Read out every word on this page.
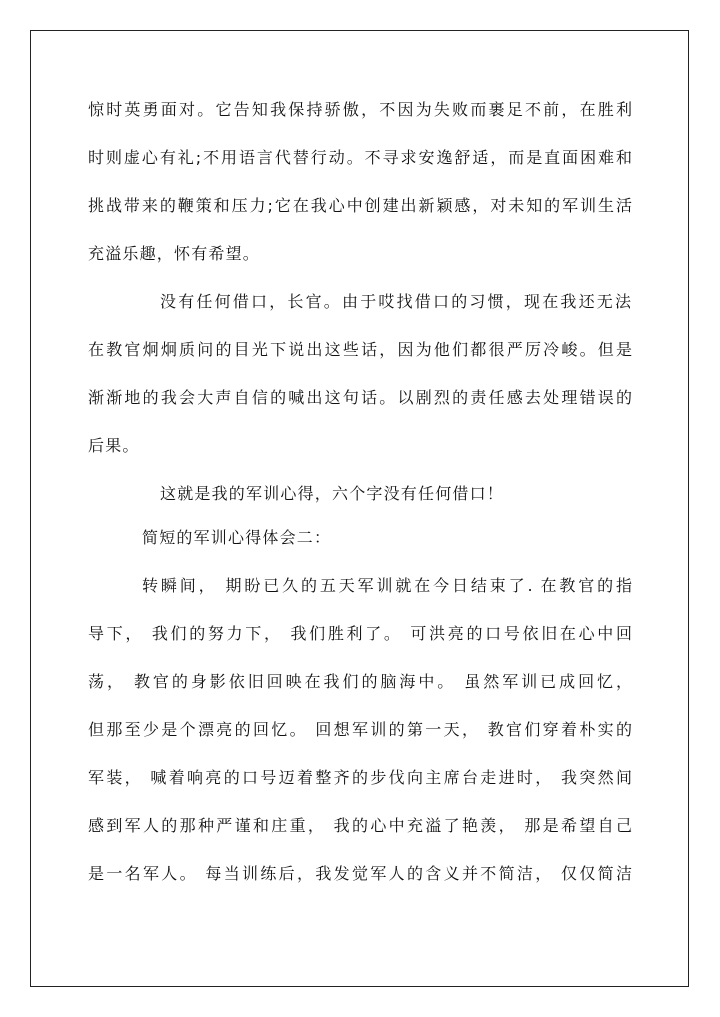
惊时英勇面对。它告知我保持骄傲，不因为失败而裹足不前，在胜利
时则虚心有礼;不用语言代替行动。不寻求安逸舒适，而是直面困难和
挑战带来的鞭策和压力;它在我心中创建出新颖感，对未知的军训生活
充溢乐趣，怀有希望。
没有任何借口，长官。由于哎找借口的习惯，现在我还无法
在教官炯炯质问的目光下说出这些话，因为他们都很严厉冷峻。但是
渐渐地的我会大声自信的喊出这句话。以剧烈的责任感去处理错误的
后果。
这就是我的军训心得，六个字没有任何借口！
简短的军训心得体会二：
转瞬间， 期盼已久的五天军训就在今日结束了. 在教官的指
导下， 我们的努力下， 我们胜利了。 可洪亮的口号依旧在心中回
荡， 教官的身影依旧回映在我们的脑海中。 虽然军训已成回忆，
但那至少是个漂亮的回忆。 回想军训的第一天， 教官们穿着朴实的
军装， 喊着响亮的口号迈着整齐的步伐向主席台走进时， 我突然间
感到军人的那种严谨和庄重， 我的心中充溢了艳羡， 那是希望自己
是一名军人。 每当训练后，我发觉军人的含义并不简洁， 仅仅简洁
